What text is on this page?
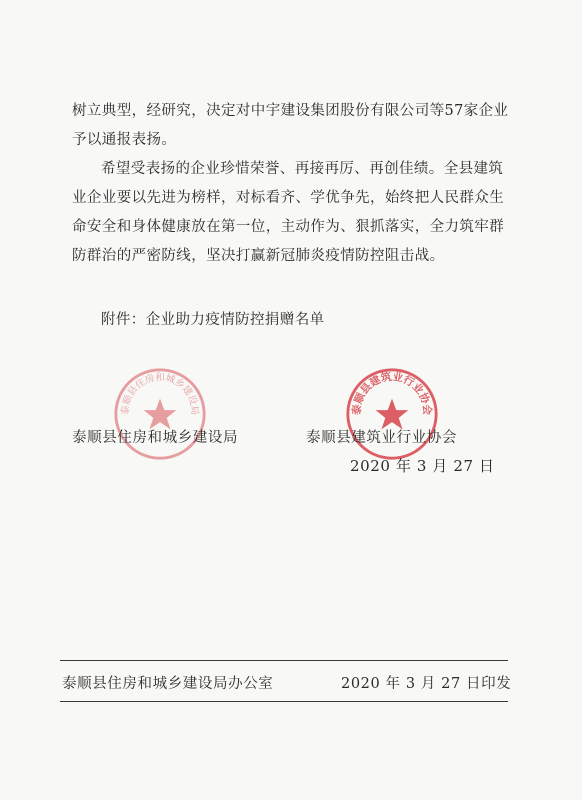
树立典型，经研究，决定对中宇建设集团股份有限公司等57家企业予以通报表扬。

希望受表扬的企业珍惜荣誉、再接再厉、再创佳绩。全县建筑业企业要以先进为榜样，对标看齐、学优争先，始终把人民群众生命安全和身体健康放在第一位，主动作为、狠抓落实，全力筑牢群防群治的严密防线，坚决打赢新冠肺炎疫情防控阻击战。

附件：企业助力疫情防控捐赠名单

泰顺县住房和城乡建设局	泰顺县建筑业行业协会
泰顺县住房和城乡建设局	泰顺县建筑业行业协会
2020 年 3 月 27 日
泰顺县住房和城乡建设局办公室	2020 年 3 月 27 日印发
